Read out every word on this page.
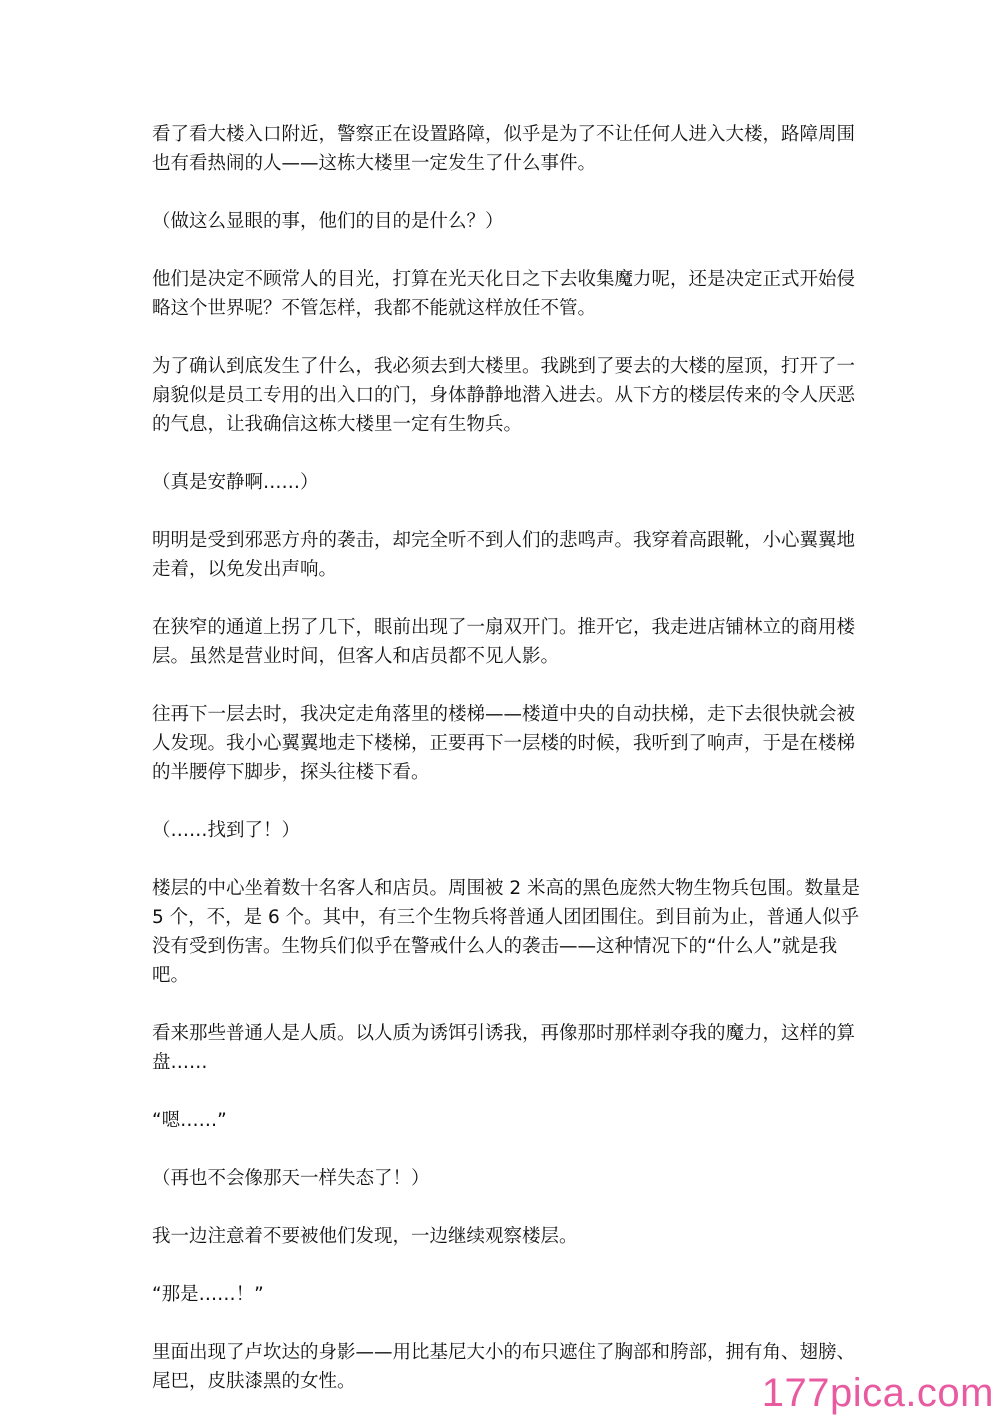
看了看大楼入口附近，警察正在设置路障，似乎是为了不让任何人进入大楼，路障周围也有看热闹的人——这栋大楼里一定发生了什么事件。

（做这么显眼的事，他们的目的是什么？）

他们是决定不顾常人的目光，打算在光天化日之下去收集魔力呢，还是决定正式开始侵略这个世界呢？不管怎样，我都不能就这样放任不管。

为了确认到底发生了什么，我必须去到大楼里。我跳到了要去的大楼的屋顶，打开了一扇貌似是员工专用的出入口的门，身体静静地潜入进去。从下方的楼层传来的令人厌恶的气息，让我确信这栋大楼里一定有生物兵。

（真是安静啊……）

明明是受到邪恶方舟的袭击，却完全听不到人们的悲鸣声。我穿着高跟靴，小心翼翼地走着，以免发出声响。

在狭窄的通道上拐了几下，眼前出现了一扇双开门。推开它，我走进店铺林立的商用楼层。虽然是营业时间，但客人和店员都不见人影。

往再下一层去时，我决定走角落里的楼梯——楼道中央的自动扶梯，走下去很快就会被人发现。我小心翼翼地走下楼梯，正要再下一层楼的时候，我听到了响声，于是在楼梯的半腰停下脚步，探头往楼下看。

（……找到了！）

楼层的中心坐着数十名客人和店员。周围被 2 米高的黑色庞然大物生物兵包围。数量是 5 个，不，是 6 个。其中，有三个生物兵将普通人团团围住。到目前为止，普通人似乎没有受到伤害。生物兵们似乎在警戒什么人的袭击——这种情况下的“什么人”就是我吧。

看来那些普通人是人质。以人质为诱饵引诱我，再像那时那样剥夺我的魔力，这样的算盘……

“嗯……”

（再也不会像那天一样失态了！）

我一边注意着不要被他们发现，一边继续观察楼层。

“那是……！”

里面出现了卢坎达的身影——用比基尼大小的布只遮住了胸部和胯部，拥有角、翅膀、尾巴，皮肤漆黑的女性。	177pica.com
